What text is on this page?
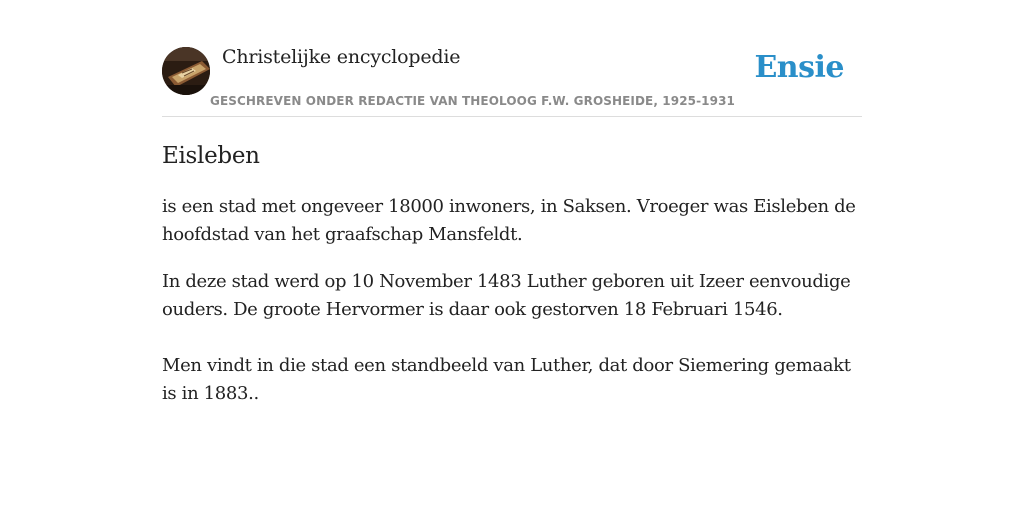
Christelijke encyclopedie
GESCHREVEN ONDER REDACTIE VAN THEOLOOG F.W. GROSHEIDE, 1925-1931
Ensie
Eisleben

is een stad met ongeveer 18000 inwoners, in Saksen. Vroeger was Eisleben de hoofdstad van het graafschap Mansfeldt.

In deze stad werd op 10 November 1483 Luther geboren uit Izeer eenvoudige ouders. De groote Hervormer is daar ook gestorven 18 Februari 1546.

Men vindt in die stad een standbeeld van Luther, dat door Siemering gemaakt is in 1883..
